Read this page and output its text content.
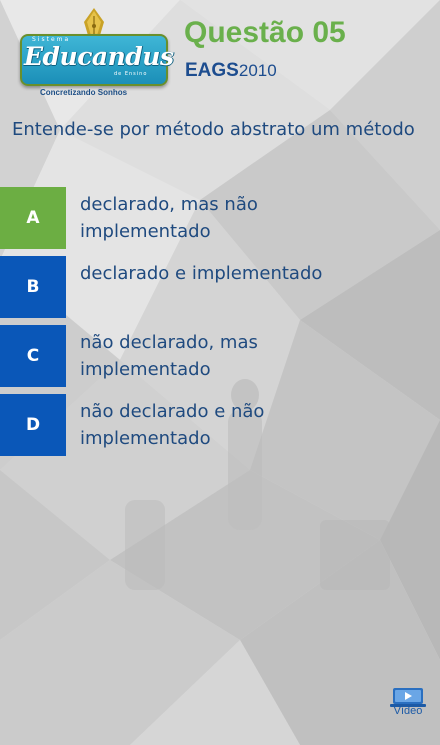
Sistema
Educandus
de Ensino
Concretizando Sonhos
Questão 05
EAGS2010
Entende-se por método abstrato um método
A
declarado, mas não implementado
B
declarado e implementado
C
não declarado, mas implementado
D
não declarado e não implementado
Vídeo
